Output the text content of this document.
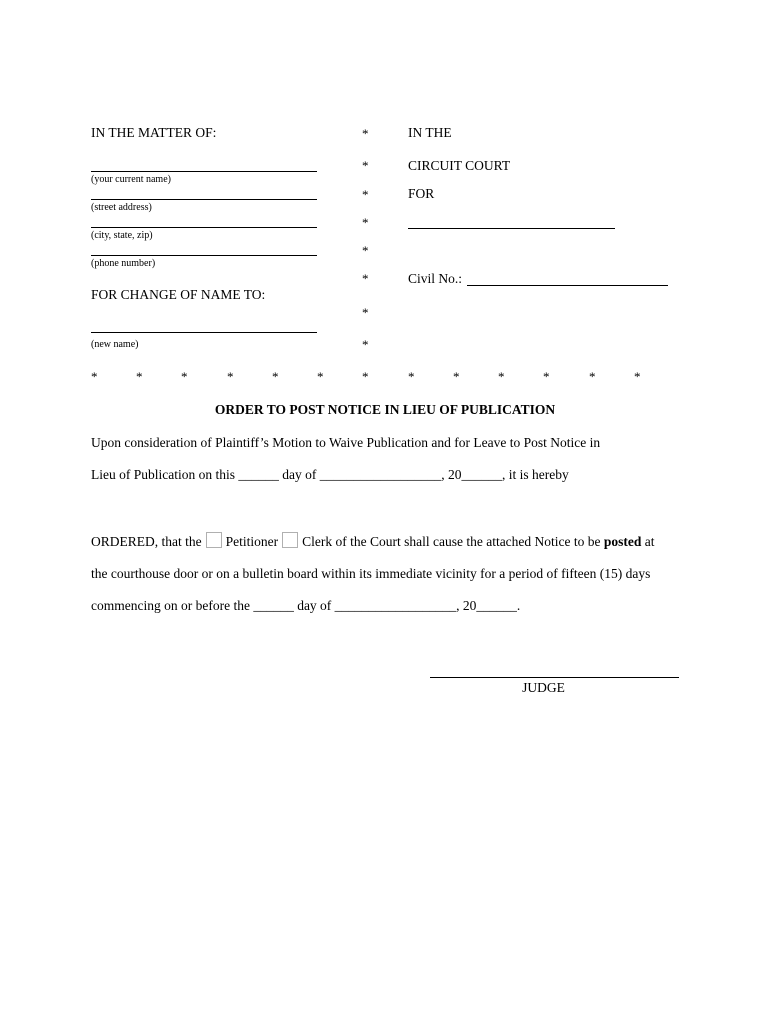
IN THE MATTER OF:
(your current name)
(street address)
(city, state, zip)
(phone number)
FOR CHANGE OF NAME TO:
(new name)
*
*
*
*
*
*
*
*
IN THE
CIRCUIT COURT
FOR
Civil No.:
*	*	*	*	*	*	*	*	*	*	*	*	*
ORDER TO POST NOTICE IN LIEU OF PUBLICATION
Upon consideration of Plaintiff’s Motion to Waive Publication and for Leave to Post Notice in
Lieu of Publication on this ______ day of __________________, 20______, it is hereby
ORDERED, that the Petitioner Clerk of the Court shall cause the attached Notice to be posted at
the courthouse door or on a bulletin board within its immediate vicinity for a period of fifteen (15) days
commencing on or before the ______ day of __________________, 20______.
JUDGE
